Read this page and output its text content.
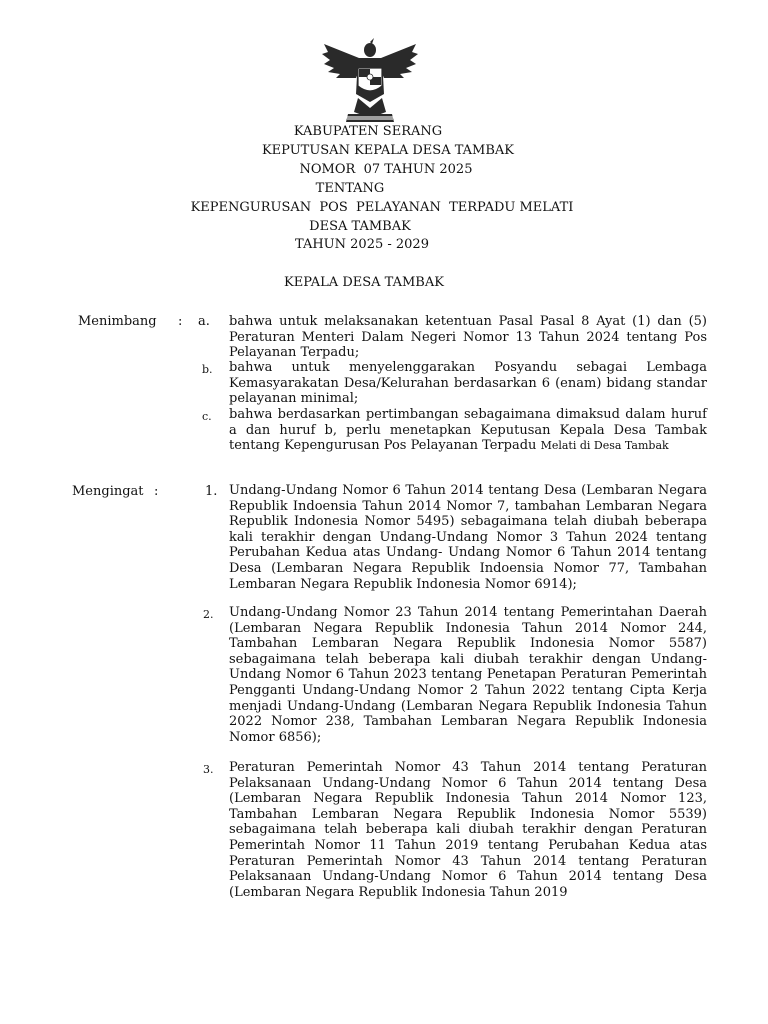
KABUPATEN SERANG
KEPUTUSAN KEPALA DESA TAMBAK
NOMOR  07 TAHUN 2025
TENTANG
KEPENGURUSAN  POS  PELAYANAN  TERPADU MELATI
DESA TAMBAK
TAHUN 2025 - 2029
KEPALA DESA TAMBAK
Menimbang : a. bahwa untuk melaksanakan ketentuan Pasal Pasal 8 Ayat (1) dan (5) Peraturan Menteri Dalam Negeri Nomor 13 Tahun 2024 tentang Pos Pelayanan Terpadu;
b. bahwa untuk menyelenggarakan Posyandu sebagai Lembaga Kemasyarakatan Desa/Kelurahan berdasarkan 6 (enam) bidang standar pelayanan minimal;
c. bahwa berdasarkan pertimbangan sebagaimana dimaksud dalam huruf a dan huruf b, perlu menetapkan Keputusan Kepala Desa Tambak tentang Kepengurusan Pos Pelayanan Terpadu Melati di Desa Tambak
Mengingat :	1. Undang-Undang Nomor 6 Tahun 2014 tentang Desa (Lembaran Negara Republik Indoensia Tahun 2014 Nomor 7, tambahan Lembaran Negara Republik Indonesia Nomor 5495) sebagaimana telah diubah beberapa kali terakhir dengan Undang-Undang Nomor 3 Tahun 2024 tentang Perubahan Kedua atas Undang- Undang Nomor 6 Tahun 2014 tentang Desa (Lembaran Negara Republik Indoensia Nomor 77, Tambahan Lembaran Negara Republik Indonesia Nomor 6914);
2. Undang-Undang Nomor 23 Tahun 2014 tentang Pemerintahan Daerah (Lembaran Negara Republik Indonesia Tahun 2014 Nomor 244, Tambahan Lembaran Negara Republik Indonesia Nomor 5587) sebagaimana telah beberapa kali diubah terakhir dengan Undang-Undang Nomor 6 Tahun 2023 tentang Penetapan Peraturan Pemerintah Pengganti Undang-Undang Nomor 2 Tahun 2022 tentang Cipta Kerja menjadi Undang-Undang (Lembaran Negara Republik Indonesia Tahun 2022 Nomor 238, Tambahan Lembaran Negara Republik Indonesia Nomor 6856);
3. Peraturan Pemerintah Nomor 43 Tahun 2014 tentang Peraturan Pelaksanaan Undang-Undang Nomor 6 Tahun 2014 tentang Desa (Lembaran Negara Republik Indonesia Tahun 2014 Nomor 123, Tambahan Lembaran Negara Republik Indonesia Nomor 5539) sebagaimana telah beberapa kali diubah terakhir dengan Peraturan Pemerintah Nomor 11 Tahun 2019 tentang Perubahan Kedua atas Peraturan Pemerintah Nomor 43 Tahun 2014 tentang Peraturan Pelaksanaan Undang-Undang Nomor 6 Tahun 2014 tentang Desa (Lembaran Negara Republik Indonesia Tahun 2019
